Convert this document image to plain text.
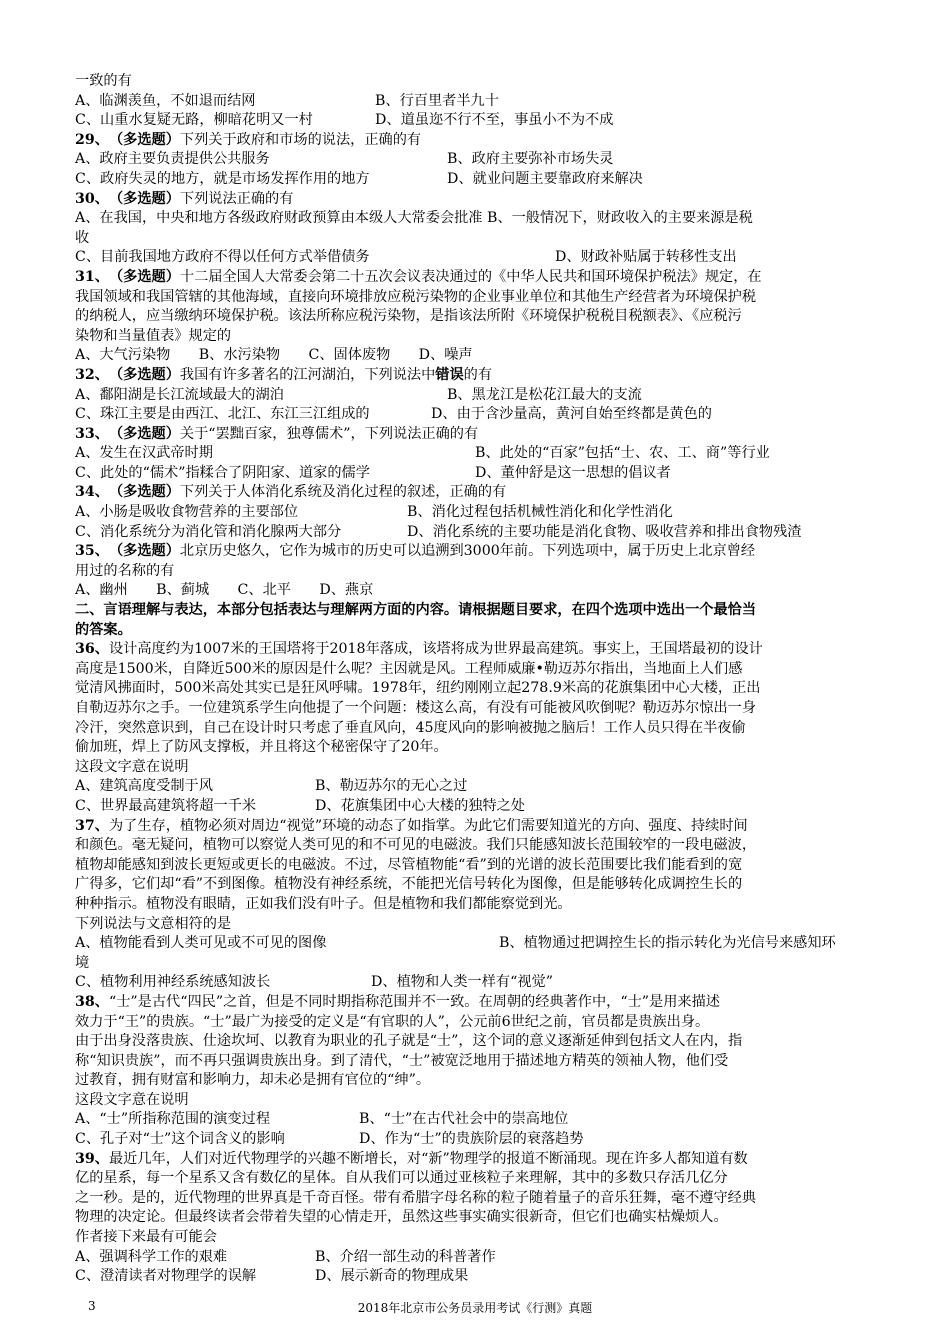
一致的有
A、临渊羡鱼，不如退而结网	B、行百里者半九十
C、山重水复疑无路，柳暗花明又一村	D、道虽迩不行不至，事虽小不为不成
29、 （多选题） 下列关于政府和市场的说法，正确的有
A、政府主要负责提供公共服务	B、政府主要弥补市场失灵
C、政府失灵的地方，就是市场发挥作用的地方	D、就业问题主要靠政府来解决
30、 （多选题） 下列说法正确的有
A、在我国，中央和地方各级政府财政预算由本级人大常委会批准 B、一般情况下，财政收入的主要来源是税
收
C、目前我国地方政府不得以任何方式举借债务	D、财政补贴属于转移性支出
31、 （多选题） 十二届全国人大常委会第二十五次会议表决通过的《中华人民共和国环境保护税法》规定，在
我国领域和我国管辖的其他海域，直接向环境排放应税污染物的企业事业单位和其他生产经营者为环境保护税
的纳税人，应当缴纳环境保护税。该法所称应税污染物，是指该法所附《环境保护税税目税额表》、《应税污
染物和当量值表》规定的
A、大气污染物　　B、水污染物　　C、固体废物　　D、噪声
32、 （多选题） 我国有许多著名的江河湖泊，下列说法中 错误 的有
A、鄱阳湖是长江流域最大的湖泊	B、黑龙江是松花江最大的支流
C、珠江主要是由西江、北江、东江三江组成的	D、由于含沙量高，黄河自始至终都是黄色的
33、 （多选题） 关于“罢黜百家，独尊儒术”，下列说法正确的有
A、发生在汉武帝时期	B、此处的“百家”包括“士、农、工、商”等行业
C、此处的“儒术”指糅合了阴阳家、道家的儒学	D、董仲舒是这一思想的倡议者
34、 （多选题） 下列关于人体消化系统及消化过程的叙述，正确的有
A、小肠是吸收食物营养的主要部位	B、消化过程包括机械性消化和化学性消化
C、消化系统分为消化管和消化腺两大部分	D、消化系统的主要功能是消化食物、吸收营养和排出食物残渣
35、 （多选题） 北京历史悠久，它作为城市的历史可以追溯到3000年前。下列选项中，属于历史上北京曾经
用过的名称的有
A、幽州　　B、蓟城　　C、北平　　D、燕京
二、言语理解与表达，本部分包括表达与理解两方面的内容。请根据题目要求，在四个选项中选出一个最恰当
的答案。
36、 设计高度约为1007米的王国塔将于2018年落成，该塔将成为世界最高建筑。事实上，王国塔最初的设计
高度是1500米，自降近500米的原因是什么呢？主因就是风。工程师威廉•勒迈苏尔指出，当地面上人们感
觉清风拂面时，500米高处其实已是狂风呼啸。1978年，纽约刚刚立起278.9米高的花旗集团中心大楼，正出
自勒迈苏尔之手。一位建筑系学生向他提了一个问题：楼这么高，有没有可能被风吹倒呢？勒迈苏尔惊出一身
冷汗，突然意识到，自己在设计时只考虑了垂直风向，45度风向的影响被抛之脑后！工作人员只得在半夜偷
偷加班，焊上了防风支撑板，并且将这个秘密保守了20年。
这段文字意在说明
A、建筑高度受制于风	B、勒迈苏尔的无心之过
C、世界最高建筑将超一千米	D、花旗集团中心大楼的独特之处
37、 为了生存，植物必须对周边“视觉”环境的动态了如指掌。为此它们需要知道光的方向、强度、持续时间
和颜色。毫无疑问，植物可以察觉人类可见的和不可见的电磁波。我们只能感知波长范围较窄的一段电磁波，
植物却能感知到波长更短或更长的电磁波。不过，尽管植物能“看”到的光谱的波长范围要比我们能看到的宽
广得多，它们却“看”不到图像。植物没有神经系统，不能把光信号转化为图像，但是能够转化成调控生长的
种种指示。植物没有眼睛，正如我们没有叶子。但是植物和我们都能察觉到光。
下列说法与文意相符的是
A、植物能看到人类可见或不可见的图像	B、植物通过把调控生长的指示转化为光信号来感知环
境
C、植物利用神经系统感知波长	D、植物和人类一样有“视觉”
38、 “士”是古代“四民”之首，但是不同时期指称范围并不一致。在周朝的经典著作中，“士”是用来描述
效力于“王”的贵族。“士”最广为接受的定义是“有官职的人”，公元前6世纪之前，官员都是贵族出身。
由于出身没落贵族、仕途坎坷、以教育为职业的孔子就是“士”，这个词的意义逐渐延伸到包括文人在内，指
称“知识贵族”，而不再只强调贵族出身。到了清代，“士”被宽泛地用于描述地方精英的领袖人物，他们受
过教育，拥有财富和影响力，却未必是拥有官位的“绅”。
这段文字意在说明
A、“士”所指称范围的演变过程	B、“士”在古代社会中的崇高地位
C、孔子对“士”这个词含义的影响	D、作为“士”的贵族阶层的衰落趋势
39、 最近几年，人们对近代物理学的兴趣不断增长，对“新”物理学的报道不断涌现。现在许多人都知道有数
亿的星系，每一个星系又含有数亿的星体。自从我们可以通过亚核粒子来理解，其中的多数只存活几亿分
之一秒。是的，近代物理的世界真是千奇百怪。带有希腊字母名称的粒子随着量子的音乐狂舞，毫不遵守经典
物理的决定论。但最终读者会带着失望的心情走开，虽然这些事实确实很新奇，但它们也确实枯燥烦人。
作者接下来最有可能会
A、强调科学工作的艰难	B、介绍一部生动的科普著作
C、澄清读者对物理学的误解	D、展示新奇的物理成果
3	2018年北京市公务员录用考试《行测》真题
